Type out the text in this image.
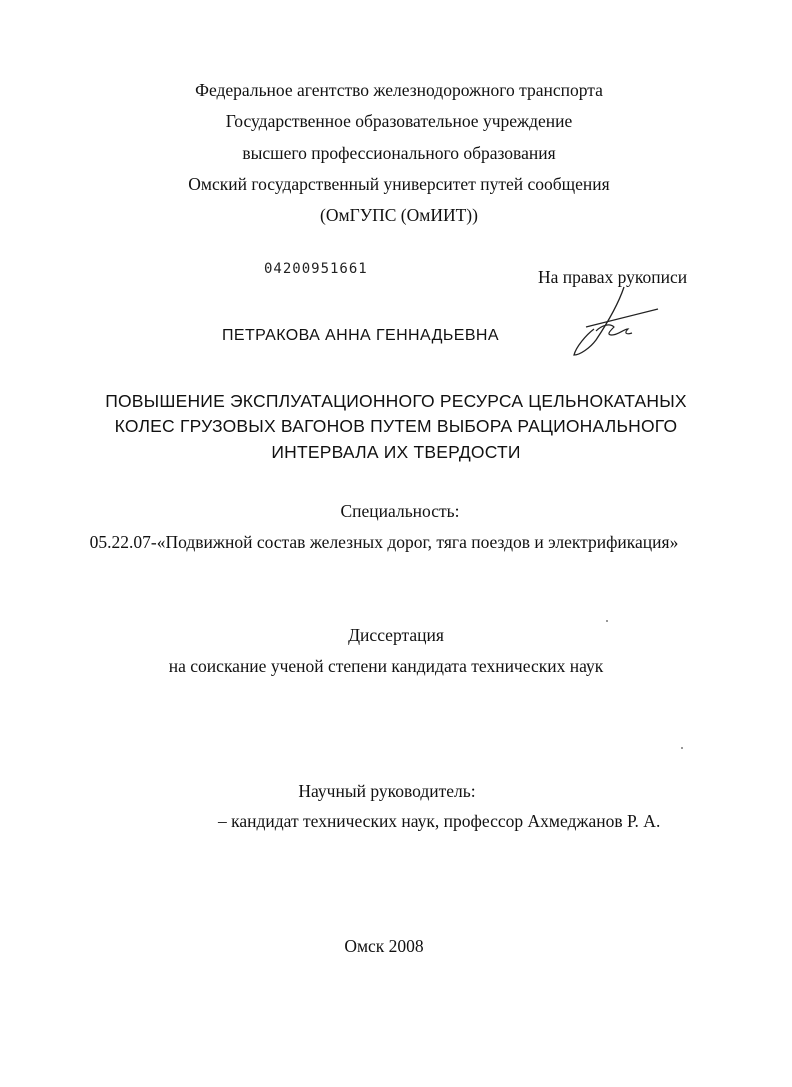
Федеральное агентство железнодорожного транспорта
Государственное образовательное учреждение
высшего профессионального образования
Омский государственный университет путей сообщения
(ОмГУПС (ОмИИТ))
04200951661	На правах рукописи
ПЕТРАКОВА АННА ГЕННАДЬЕВНА
ПОВЫШЕНИЕ ЭКСПЛУАТАЦИОННОГО РЕСУРСА ЦЕЛЬНОКАТАНЫХ
КОЛЕС ГРУЗОВЫХ ВАГОНОВ ПУТЕМ ВЫБОРА РАЦИОНАЛЬНОГО
ИНТЕРВАЛА ИХ ТВЕРДОСТИ
Специальность:
05.22.07-«Подвижной состав железных дорог, тяга поездов и электрификация»
Диссертация
на соискание ученой степени кандидата технических наук
Научный руководитель:
– кандидат технических наук, профессор Ахмеджанов Р. А.
Омск 2008
